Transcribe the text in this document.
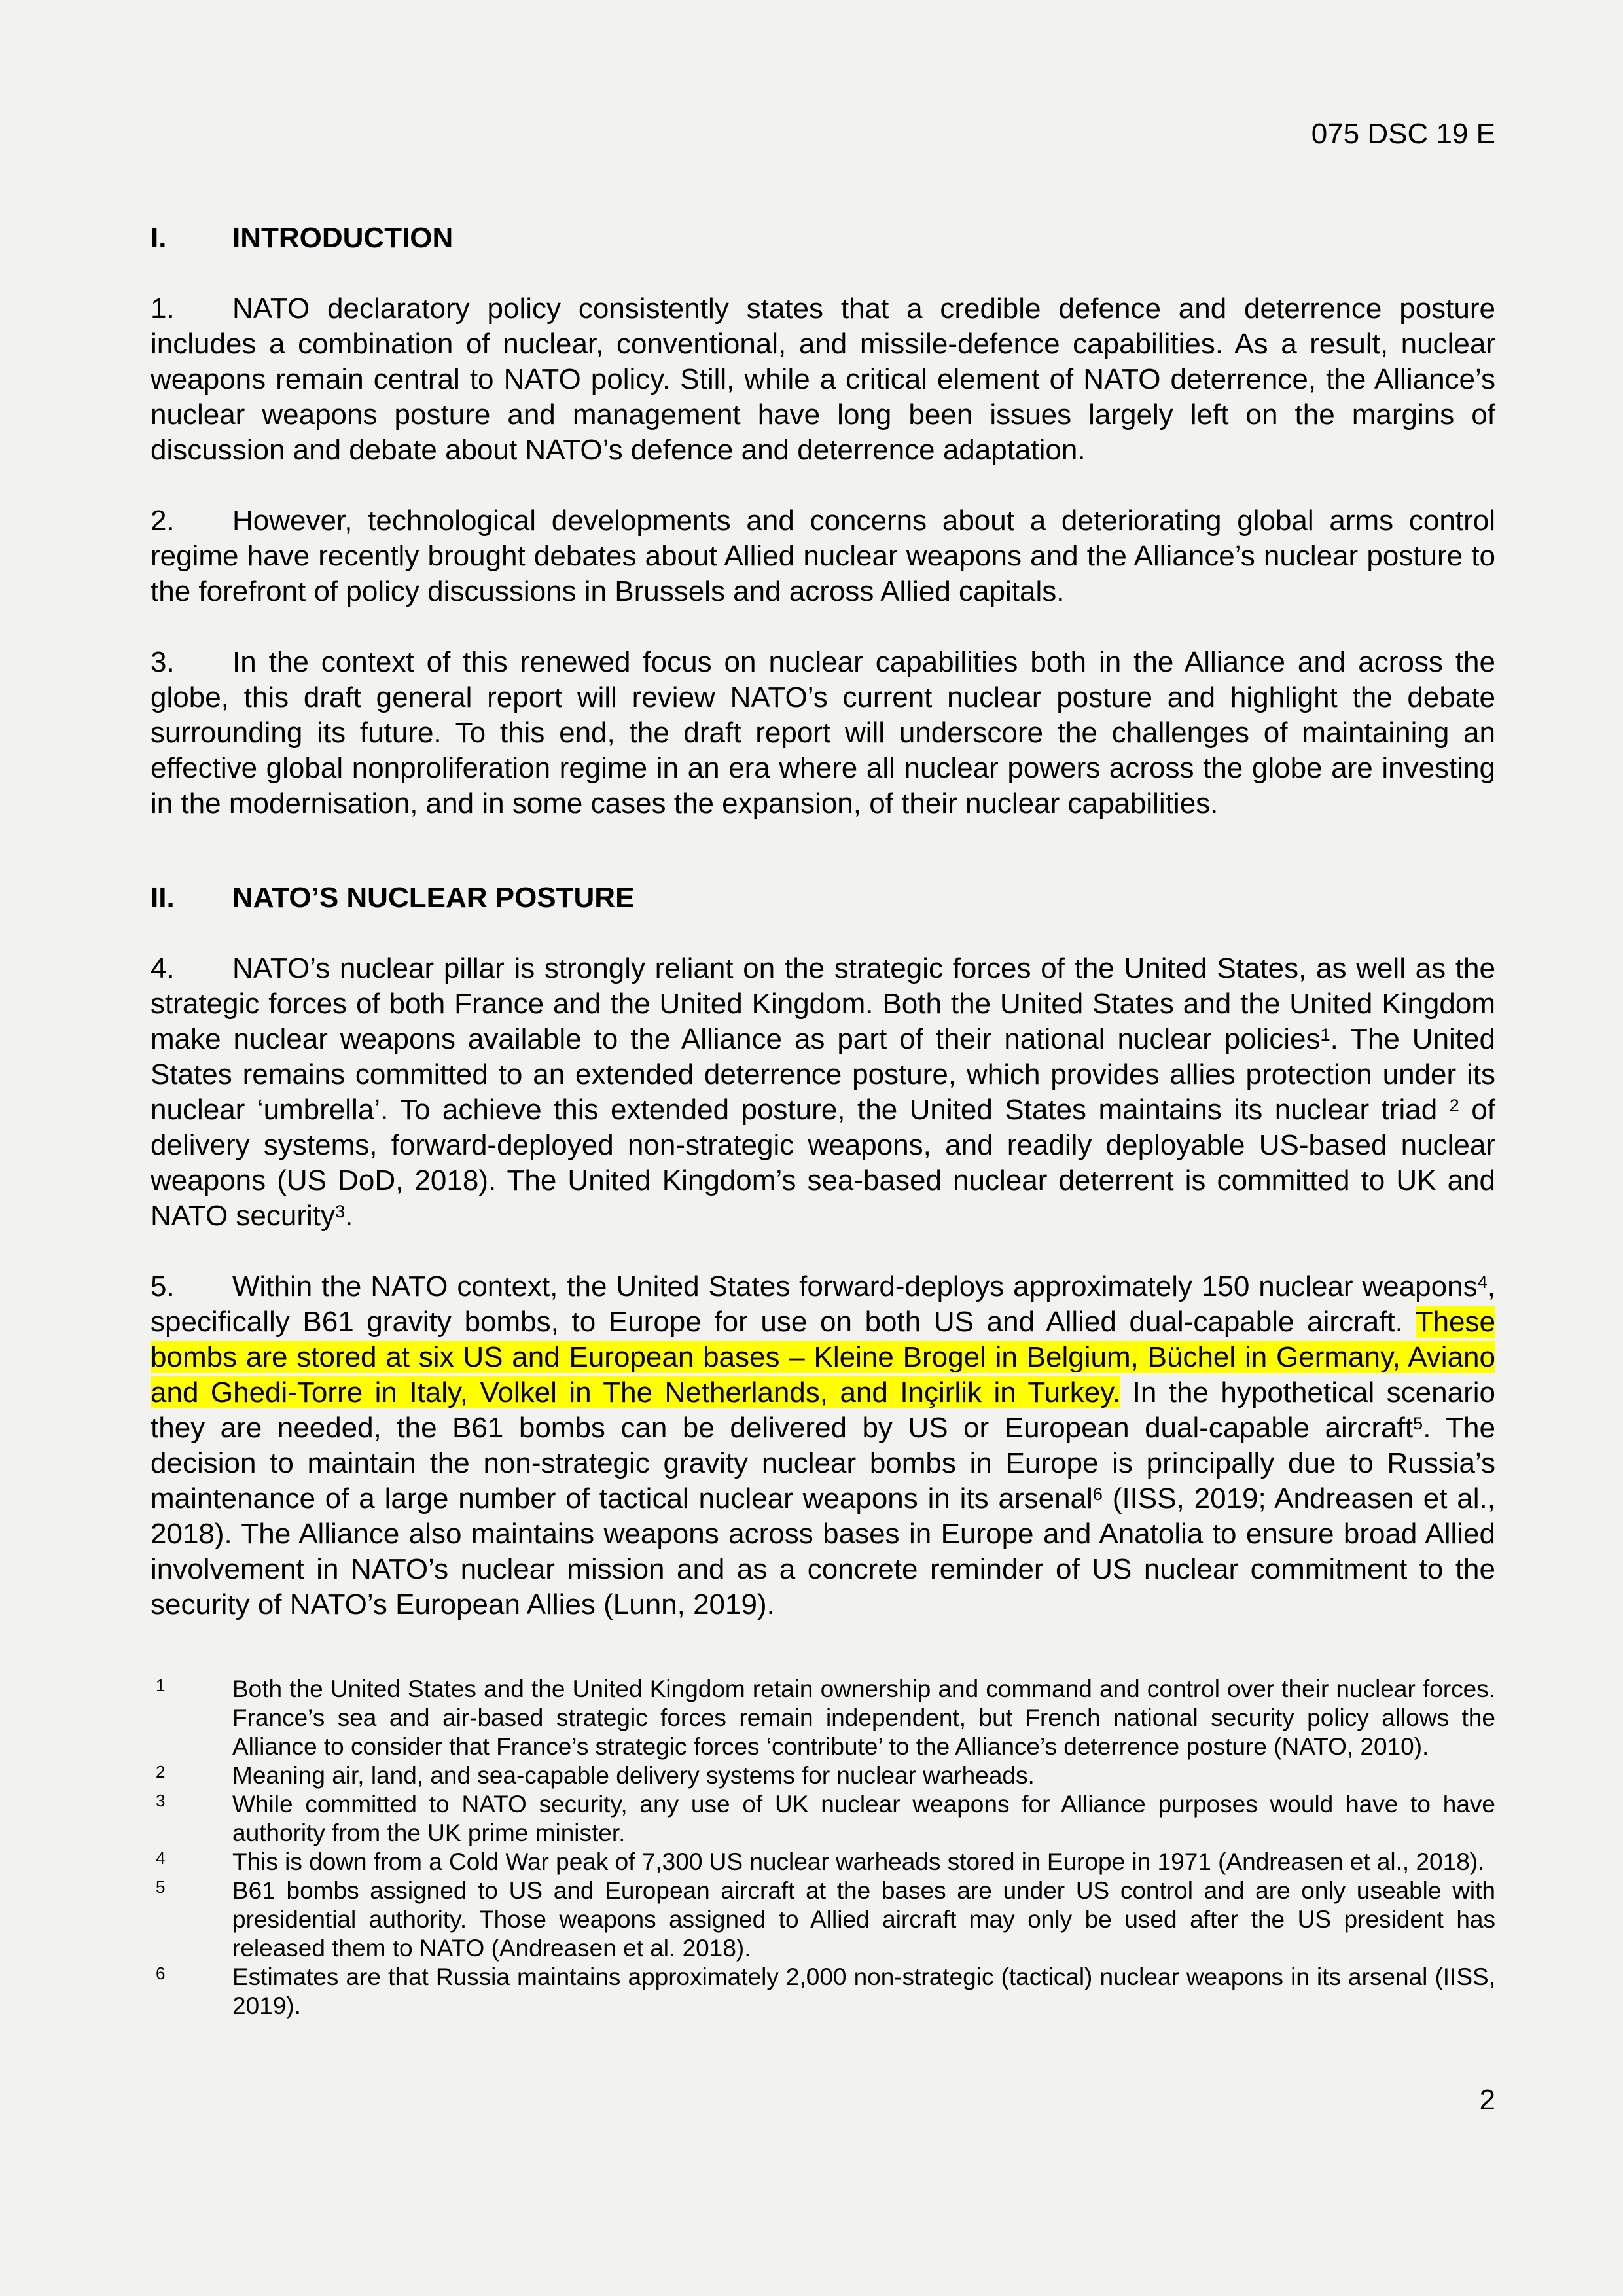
075 DSC 19 E
I. INTRODUCTION

1. NATO declaratory policy consistently states that a credible defence and deterrence posture includes a combination of nuclear, conventional, and missile-defence capabilities. As a result, nuclear weapons remain central to NATO policy. Still, while a critical element of NATO deterrence, the Alliance’s nuclear weapons posture and management have long been issues largely left on the margins of discussion and debate about NATO’s defence and deterrence adaptation.

2. However, technological developments and concerns about a deteriorating global arms control regime have recently brought debates about Allied nuclear weapons and the Alliance’s nuclear posture to the forefront of policy discussions in Brussels and across Allied capitals.

3. In the context of this renewed focus on nuclear capabilities both in the Alliance and across the globe, this draft general report will review NATO’s current nuclear posture and highlight the debate surrounding its future. To this end, the draft report will underscore the challenges of maintaining an effective global nonproliferation regime in an era where all nuclear powers across the globe are investing in the modernisation, and in some cases the expansion, of their nuclear capabilities.

II. NATO’S NUCLEAR POSTURE

4. NATO’s nuclear pillar is strongly reliant on the strategic forces of the United States, as well as the strategic forces of both France and the United Kingdom. Both the United States and the United Kingdom make nuclear weapons available to the Alliance as part of their national nuclear policies$^1$. The United States remains committed to an extended deterrence posture, which provides allies protection under its nuclear ‘umbrella’. To achieve this extended posture, the United States maintains its nuclear triad $^2$ of delivery systems, forward-deployed non-strategic weapons, and readily deployable US-based nuclear weapons (US DoD, 2018). The United Kingdom’s sea-based nuclear deterrent is committed to UK and NATO security$^3$.

5. Within the NATO context, the United States forward-deploys approximately 150 nuclear weapons$^4$, specifically B61 gravity bombs, to Europe for use on both US and Allied dual-capable aircraft. These bombs are stored at six US and European bases – Kleine Brogel in Belgium, Büchel in Germany, Aviano and Ghedi-Torre in Italy, Volkel in The Netherlands, and Inçirlik in Turkey. In the hypothetical scenario they are needed, the B61 bombs can be delivered by US or European dual-capable aircraft$^5$. The decision to maintain the non-strategic gravity nuclear bombs in Europe is principally due to Russia’s maintenance of a large number of tactical nuclear weapons in its arsenal$^6$ (IISS, 2019; Andreasen et al., 2018). The Alliance also maintains weapons across bases in Europe and Anatolia to ensure broad Allied involvement in NATO’s nuclear mission and as a concrete reminder of US nuclear commitment to the security of NATO’s European Allies (Lunn, 2019).

1	Both the United States and the United Kingdom retain ownership and command and control over their nuclear forces. France’s sea and air-based strategic forces remain independent, but French national security policy allows the Alliance to consider that France’s strategic forces ‘contribute’ to the Alliance’s deterrence posture (NATO, 2010).
2	Meaning air, land, and sea-capable delivery systems for nuclear warheads.
3	While committed to NATO security, any use of UK nuclear weapons for Alliance purposes would have to have authority from the UK prime minister.
4	This is down from a Cold War peak of 7,300 US nuclear warheads stored in Europe in 1971 (Andreasen et al., 2018).
5	B61 bombs assigned to US and European aircraft at the bases are under US control and are only useable with presidential authority. Those weapons assigned to Allied aircraft may only be used after the US president has released them to NATO (Andreasen et al. 2018).
6	Estimates are that Russia maintains approximately 2,000 non-strategic (tactical) nuclear weapons in its arsenal (IISS, 2019).
2
